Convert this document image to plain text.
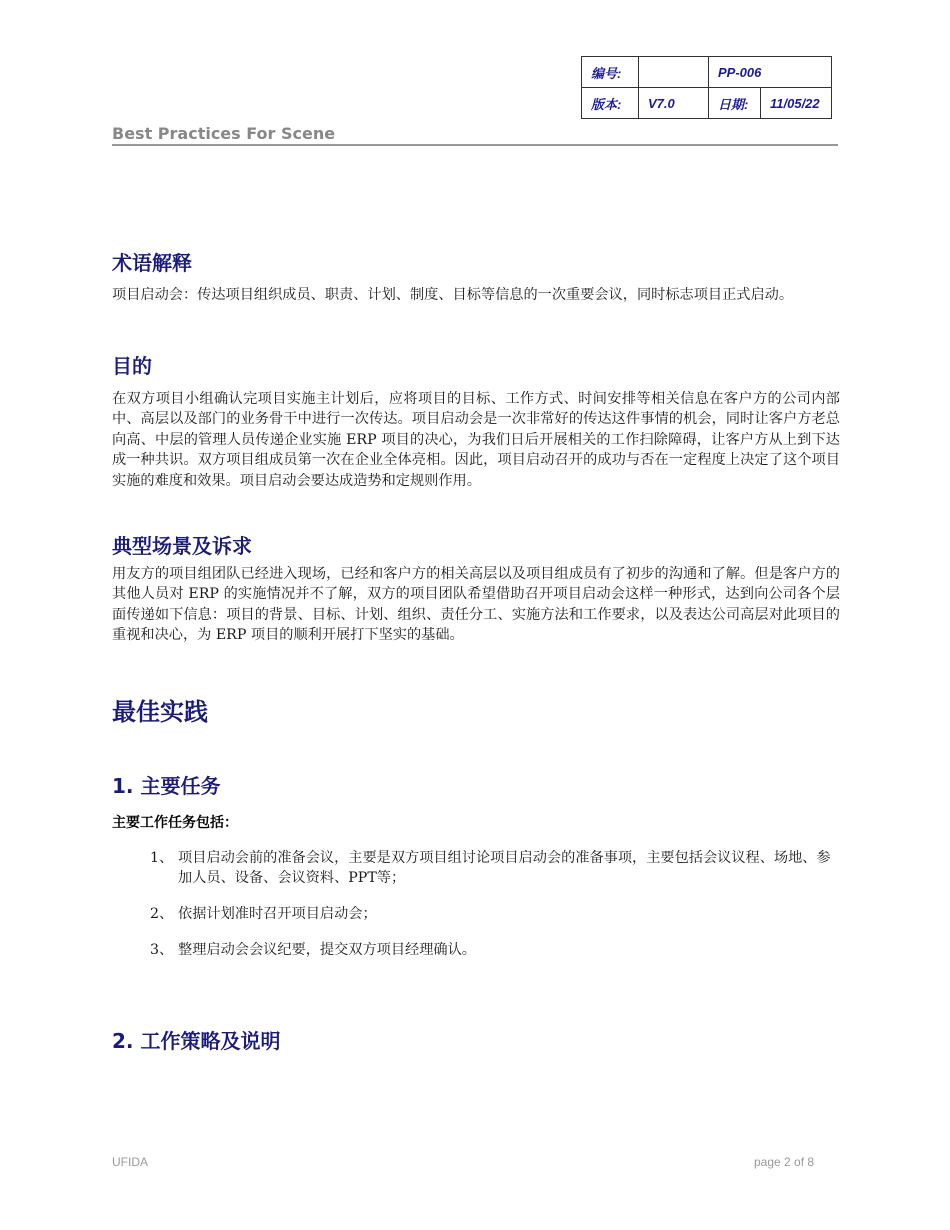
编号:		PP-006	
版本:	V7.0	日期:	11/05/22
Best Practices For Scene
术语解释
项目启动会：传达项目组织成员、职责、计划、制度、目标等信息的一次重要会议，同时标志项目正式启动。
目的
在双方项目小组确认完项目实施主计划后，应将项目的目标、工作方式、时间安排等相关信息在客户方的公司内部中、高层以及部门的业务骨干中进行一次传达。项目启动会是一次非常好的传达这件事情的机会，同时让客户方老总向高、中层的管理人员传递企业实施 ERP 项目的决心，为我们日后开展相关的工作扫除障碍，让客户方从上到下达成一种共识。双方项目组成员第一次在企业全体亮相。因此，项目启动召开的成功与否在一定程度上决定了这个项目实施的难度和效果。项目启动会要达成造势和定规则作用。
典型场景及诉求
用友方的项目组团队已经进入现场，已经和客户方的相关高层以及项目组成员有了初步的沟通和了解。但是客户方的其他人员对 ERP 的实施情况并不了解，双方的项目团队希望借助召开项目启动会这样一种形式，达到向公司各个层面传递如下信息：项目的背景、目标、计划、组织、责任分工、实施方法和工作要求，以及表达公司高层对此项目的重视和决心，为 ERP 项目的顺利开展打下坚实的基础。
最佳实践
1. 主要任务
主要工作任务包括：
1、 项目启动会前的准备会议，主要是双方项目组讨论项目启动会的准备事项，主要包括会议议程、场地、参加人员、设备、会议资料、PPT等；
2、 依据计划准时召开项目启动会；
3、 整理启动会会议纪要，提交双方项目经理确认。
2. 工作策略及说明
UFIDA	page 2 of 8
